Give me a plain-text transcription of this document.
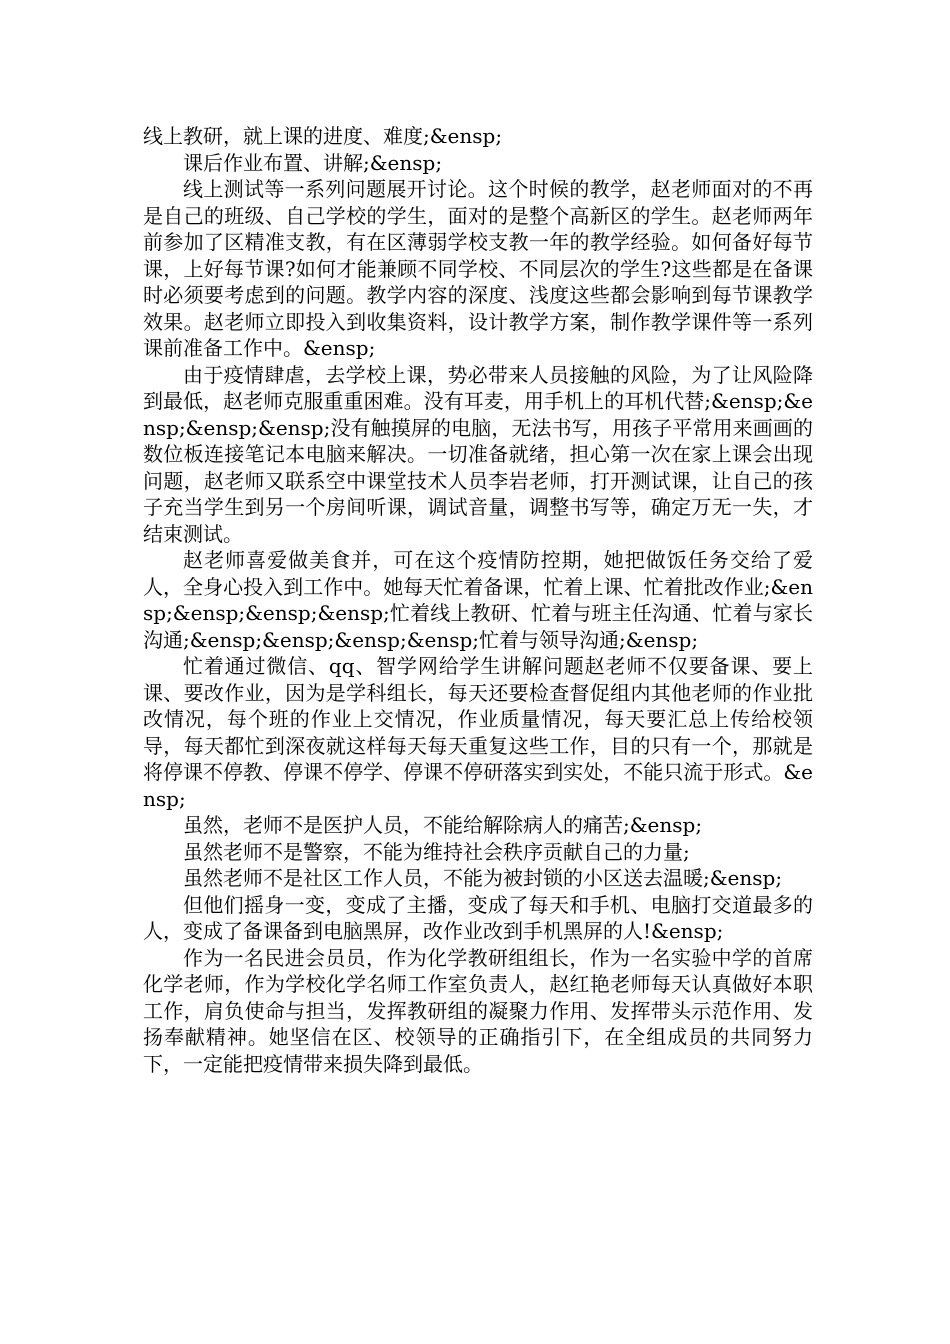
线上教研，就上课的进度、难度;&ensp;

课后作业布置、讲解;&ensp;

线上测试等一系列问题展开讨论。这个时候的教学，赵老师面对的不再是自己的班级、自己学校的学生，面对的是整个高新区的学生。赵老师两年前参加了区精准支教，有在区薄弱学校支教一年的教学经验。如何备好每节课，上好每节课?如何才能兼顾不同学校、不同层次的学生?这些都是在备课时必须要考虑到的问题。教学内容的深度、浅度这些都会影响到每节课教学效果。赵老师立即投入到收集资料，设计教学方案，制作教学课件等一系列课前准备工作中。&ensp;

由于疫情肆虐，去学校上课，势必带来人员接触的风险，为了让风险降到最低，赵老师克服重重困难。没有耳麦，用手机上的耳机代替;&ensp;&ensp;&ensp;&ensp;没有触摸屏的电脑，无法书写，用孩子平常用来画画的数位板连接笔记本电脑来解决。一切准备就绪，担心第一次在家上课会出现问题，赵老师又联系空中课堂技术人员李岩老师，打开测试课，让自己的孩子充当学生到另一个房间听课，调试音量，调整书写等，确定万无一失，才结束测试。

赵老师喜爱做美食并，可在这个疫情防控期，她把做饭任务交给了爱人，全身心投入到工作中。她每天忙着备课，忙着上课、忙着批改作业;&ensp;&ensp;&ensp;&ensp;忙着线上教研、忙着与班主任沟通、忙着与家长沟通;&ensp;&ensp;&ensp;&ensp;忙着与领导沟通;&ensp;

忙着通过微信、qq、智学网给学生讲解问题赵老师不仅要备课、要上课、要改作业，因为是学科组长，每天还要检查督促组内其他老师的作业批改情况，每个班的作业上交情况，作业质量情况，每天要汇总上传给校领导，每天都忙到深夜就这样每天每天重复这些工作，目的只有一个，那就是将停课不停教、停课不停学、停课不停研落实到实处，不能只流于形式。&ensp;

虽然，老师不是医护人员，不能给解除病人的痛苦;&ensp;

虽然老师不是警察，不能为维持社会秩序贡献自己的力量;

虽然老师不是社区工作人员，不能为被封锁的小区送去温暖;&ensp;

但他们摇身一变，变成了主播，变成了每天和手机、电脑打交道最多的人，变成了备课备到电脑黑屏，改作业改到手机黑屏的人!&ensp;

作为一名民进会员员，作为化学教研组组长，作为一名实验中学的首席化学老师，作为学校化学名师工作室负责人，赵红艳老师每天认真做好本职工作，肩负使命与担当，发挥教研组的凝聚力作用、发挥带头示范作用、发扬奉献精神。她坚信在区、校领导的正确指引下，在全组成员的共同努力下，一定能把疫情带来损失降到最低。
